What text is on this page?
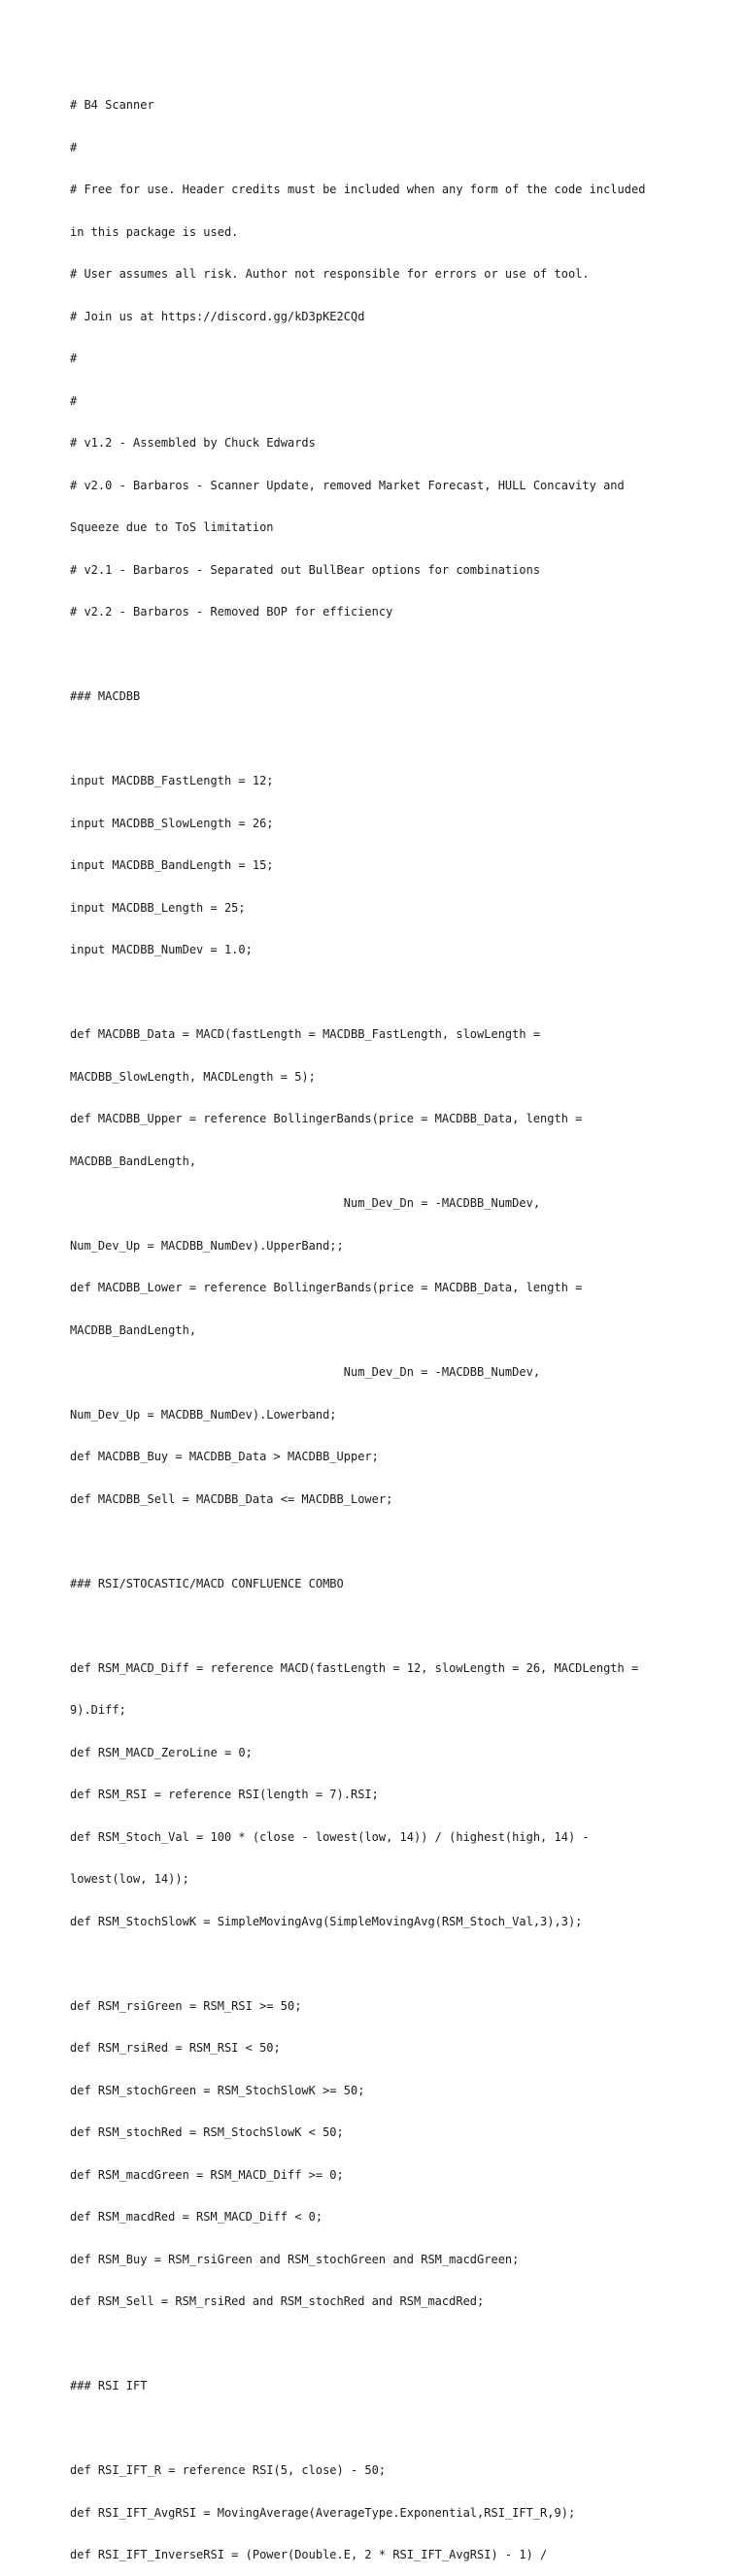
# B4 Scanner

#

# Free for use. Header credits must be included when any form of the code included

in this package is used.

# User assumes all risk. Author not responsible for errors or use of tool.

# Join us at https://discord.gg/kD3pKE2CQd

#

#

# v1.2 - Assembled by Chuck Edwards

# v2.0 - Barbaros - Scanner Update, removed Market Forecast, HULL Concavity and

Squeeze due to ToS limitation

# v2.1 - Barbaros - Separated out BullBear options for combinations

# v2.2 - Barbaros - Removed BOP for efficiency

### MACDBB

input MACDBB_FastLength = 12;

input MACDBB_SlowLength = 26;

input MACDBB_BandLength = 15;

input MACDBB_Length = 25;

input MACDBB_NumDev = 1.0;

def MACDBB_Data = MACD(fastLength = MACDBB_FastLength, slowLength =

MACDBB_SlowLength, MACDLength = 5);

def MACDBB_Upper = reference BollingerBands(price = MACDBB_Data, length =

MACDBB_BandLength,

Num_Dev_Dn = -MACDBB_NumDev,

Num_Dev_Up = MACDBB_NumDev).UpperBand;;

def MACDBB_Lower = reference BollingerBands(price = MACDBB_Data, length =

MACDBB_BandLength,

Num_Dev_Dn = -MACDBB_NumDev,

Num_Dev_Up = MACDBB_NumDev).Lowerband;

def MACDBB_Buy = MACDBB_Data > MACDBB_Upper;

def MACDBB_Sell = MACDBB_Data <= MACDBB_Lower;

### RSI/STOCASTIC/MACD CONFLUENCE COMBO

def RSM_MACD_Diff = reference MACD(fastLength = 12, slowLength = 26, MACDLength =

9).Diff;

def RSM_MACD_ZeroLine = 0;

def RSM_RSI = reference RSI(length = 7).RSI;

def RSM_Stoch_Val = 100 * (close - lowest(low, 14)) / (highest(high, 14) -

lowest(low, 14));

def RSM_StochSlowK = SimpleMovingAvg(SimpleMovingAvg(RSM_Stoch_Val,3),3);

def RSM_rsiGreen = RSM_RSI >= 50;

def RSM_rsiRed = RSM_RSI < 50;

def RSM_stochGreen = RSM_StochSlowK >= 50;

def RSM_stochRed = RSM_StochSlowK < 50;

def RSM_macdGreen = RSM_MACD_Diff >= 0;

def RSM_macdRed = RSM_MACD_Diff < 0;

def RSM_Buy = RSM_rsiGreen and RSM_stochGreen and RSM_macdGreen;

def RSM_Sell = RSM_rsiRed and RSM_stochRed and RSM_macdRed;

### RSI IFT

def RSI_IFT_R = reference RSI(5, close) - 50;

def RSI_IFT_AvgRSI = MovingAverage(AverageType.Exponential,RSI_IFT_R,9);

def RSI_IFT_InverseRSI = (Power(Double.E, 2 * RSI_IFT_AvgRSI) - 1) /
